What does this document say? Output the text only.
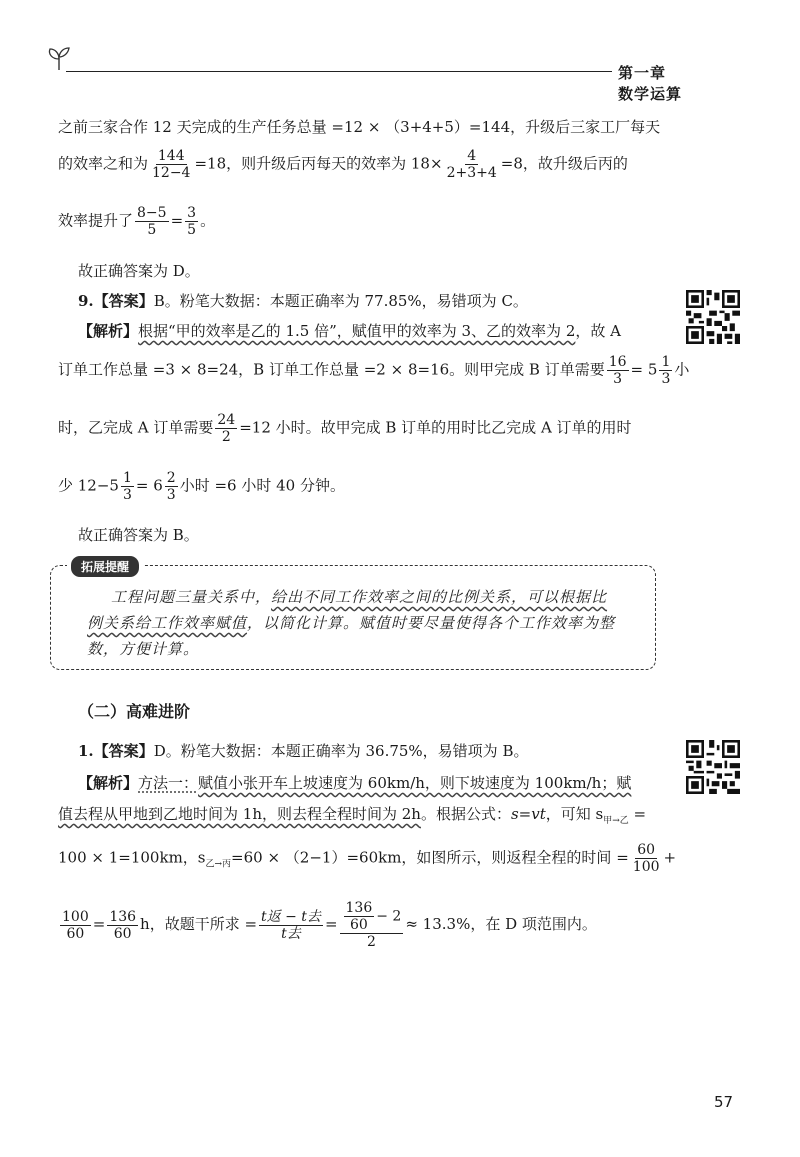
第一章 数学运算
之前三家合作 12 天完成的生产任务总量 =12 × （3+4+5）=144，升级后三家工厂每天
的效率之和为 $\frac{144}{12-4} =18$，则升级后丙每天的效率为 $18\times \frac{4}{2+3+4} =8$，故升级后丙的
效率提升了 $\frac{8-5}{5} = \frac{3}{5}$ 。
故正确答案为 D。
9.【答案】B。粉笔大数据：本题正确率为 77.85%，易错项为 C。
【解析】根据“甲的效率是乙的 1.5 倍”，赋值甲的效率为 3、乙的效率为 2，故 A
订单工作总量 =3 × 8=24，B 订单工作总量 =2 × 8=16。则甲完成 B 订单需要 $\frac{16}{3} = 5 \frac{1}{3}$ 小
时，乙完成 A 订单需要 $\frac{24}{2} =12$ 小时。故甲完成 B 订单的用时比乙完成 A 订单的用时
少 $12-5 \frac{1}{3} = 6 \frac{2}{3}$ 小时 =6 小时 40 分钟。
故正确答案为 B。
拓展提醒
工程问题三量关系中，给出不同工作效率之间的比例关系，可以根据比
例关系给工作效率赋值，以简化计算。赋值时要尽量使得各个工作效率为整
数，方便计算。
（二）高难进阶
1.【答案】D。粉笔大数据：本题正确率为 36.75%，易错项为 B。
【解析】方法一：赋值小张开车上坡速度为 60km/h，则下坡速度为 100km/h；赋
值去程从甲地到乙地时间为 1h，则去程全程时间为 2h。根据公式：s=vt，可知 $s_{甲\to 乙}$ =
100 × 1=100km，$s_{乙\to 丙}=60 \times (2-1)=60km$，如图所示，则返程全程的时间 = $\frac{60}{100}$ +
$\frac{100}{60} = \frac{136}{60}$ h，故题干所求 = $\frac{\text{t返 − t去}}{\text{t去}} = \frac{\frac{136}{60} - 2}{2} \approx 13.3\%$，在 D 项范围内。
57
